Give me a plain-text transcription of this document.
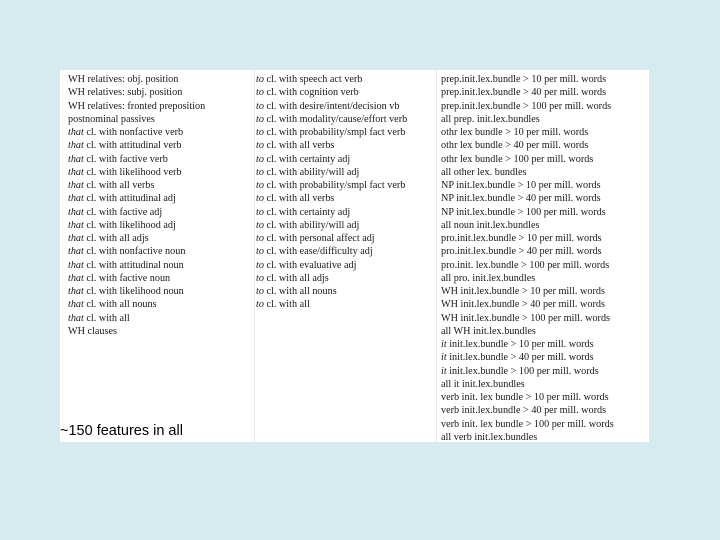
WH relatives: obj. position
WH relatives: subj. position
WH relatives: fronted preposition
postnominal passives
that cl. with nonfactive verb
that cl. with attitudinal verb
that cl. with factive verb
that cl. with likelihood verb
that cl. with all verbs
that cl. with attitudinal adj
that cl. with factive adj
that cl. with likelihood adj
that cl. with all adjs
that cl. with nonfactive noun
that cl. with attitudinal noun
that cl. with factive noun
that cl. with likelihood noun
that cl. with all nouns
that cl. with all
WH clauses
to cl. with speech act verb
to cl. with cognition verb
to cl. with desire/intent/decision vb
to cl. with modality/cause/effort verb
to cl. with probability/smpl fact verb
to cl. with all verbs
to cl. with certainty adj
to cl. with ability/will adj
to cl. with probability/smpl fact verb
to cl. with all verbs
to cl. with certainty adj
to cl. with ability/will adj
to cl. with personal affect adj
to cl. with ease/difficulty adj
to cl. with evaluative adj
to cl. with all adjs
to cl. with all nouns
to cl. with all
prep.init.lex.bundle > 10 per mill. words
prep.init.lex.bundle > 40 per mill. words
prep.init.lex.bundle > 100 per mill. words
all prep. init.lex.bundles
othr lex bundle > 10 per mill. words
othr lex bundle > 40 per mill. words
othr lex bundle > 100 per mill. words
all other lex. bundles
NP init.lex.bundle > 10 per mill. words
NP init.lex.bundle > 40 per mill. words
NP init.lex.bundle > 100 per mill. words
all noun init.lex.bundles
pro.init.lex.bundle > 10 per mill. words
pro.init.lex.bundle > 40 per mill. words
pro.init. lex.bundle > 100 per mill. words
all pro. init.lex.bundles
WH init.lex.bundle > 10 per mill. words
WH init.lex.bundle > 40 per mill. words
WH init.lex.bundle > 100 per mill. words
all WH init.lex.bundles
it init.lex.bundle > 10 per mill. words
it init.lex.bundle > 40 per mill. words
it init.lex.bundle > 100 per mill. words
all it init.lex.bundles
verb init. lex bundle > 10 per mill. words
verb init.lex.bundle > 40 per mill. words
verb init. lex bundle > 100 per mill. words
all verb init.lex.bundles
~150 features in all
